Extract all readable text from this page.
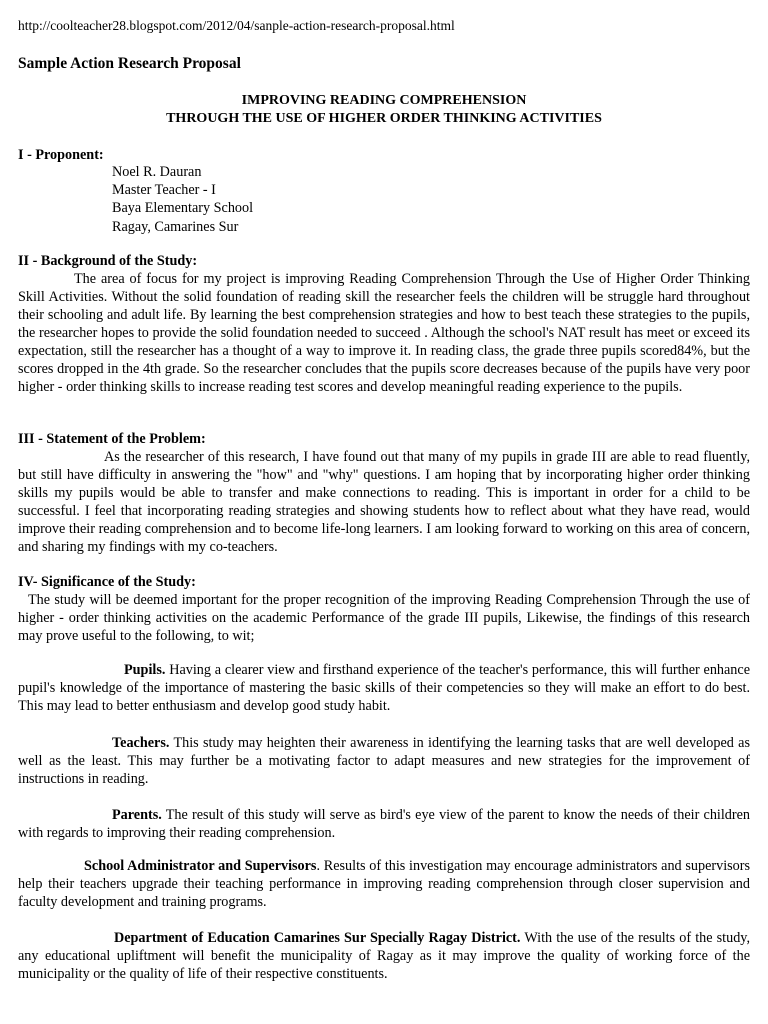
http://coolteacher28.blogspot.com/2012/04/sanple-action-research-proposal.html
Sample Action Research Proposal
IMPROVING READING COMPREHENSION
THROUGH THE USE OF HIGHER ORDER THINKING ACTIVITIES
I - Proponent:
Noel R. Dauran
Master Teacher - I
Baya Elementary School
Ragay, Camarines Sur
II - Background of the Study:
The area of focus for my project is improving Reading Comprehension Through the Use of Higher Order Thinking Skill Activities. Without the solid foundation of reading skill the researcher feels the children will be struggle hard throughout their schooling and adult life. By learning the best comprehension strategies and how to best teach these strategies to the pupils, the researcher hopes to provide the solid foundation needed to succeed . Although the school's NAT result has meet or exceed its expectation, still the researcher has a thought of a way to improve it. In reading class, the grade three pupils scored84%, but the scores dropped in the 4th grade. So the researcher concludes that the pupils score decreases because of the pupils have very poor higher - order thinking skills to increase reading test scores and develop meaningful reading experience to the pupils.
III - Statement of the Problem:
As the researcher of this research, I have found out that many of my pupils in grade III are able to read fluently, but still have difficulty in answering the "how" and "why" questions. I am hoping that by incorporating higher order thinking skills my pupils would be able to transfer and make connections to reading. This is important in order for a child to be successful. I feel that incorporating reading strategies and showing students how to reflect about what they have read, would improve their reading comprehension and to become life-long learners. I am looking forward to working on this area of concern, and sharing my findings with my co-teachers.
IV- Significance of the Study:
The study will be deemed important for the proper recognition of the improving Reading Comprehension Through the use of higher - order thinking activities on the academic Performance of the grade III pupils, Likewise, the findings of this research may prove useful to the following, to wit;
Pupils. Having a clearer view and firsthand experience of the teacher's performance, this will further enhance pupil's knowledge of the importance of mastering the basic skills of their competencies so they will make an effort to do best. This may lead to better enthusiasm and develop good study habit.
Teachers. This study may heighten their awareness in identifying the learning tasks that are well developed as well as the least. This may further be a motivating factor to adapt measures and new strategies for the improvement of instructions in reading.
Parents. The result of this study will serve as bird's eye view of the parent to know the needs of their children with regards to improving their reading comprehension.
School Administrator and Supervisors. Results of this investigation may encourage administrators and supervisors help their teachers upgrade their teaching performance in improving reading comprehension through closer supervision and faculty development and training programs.
Department of Education Camarines Sur Specially Ragay District. With the use of the results of the study, any educational upliftment will benefit the municipality of Ragay as it may improve the quality of working force of the municipality or the quality of life of their respective constituents.
